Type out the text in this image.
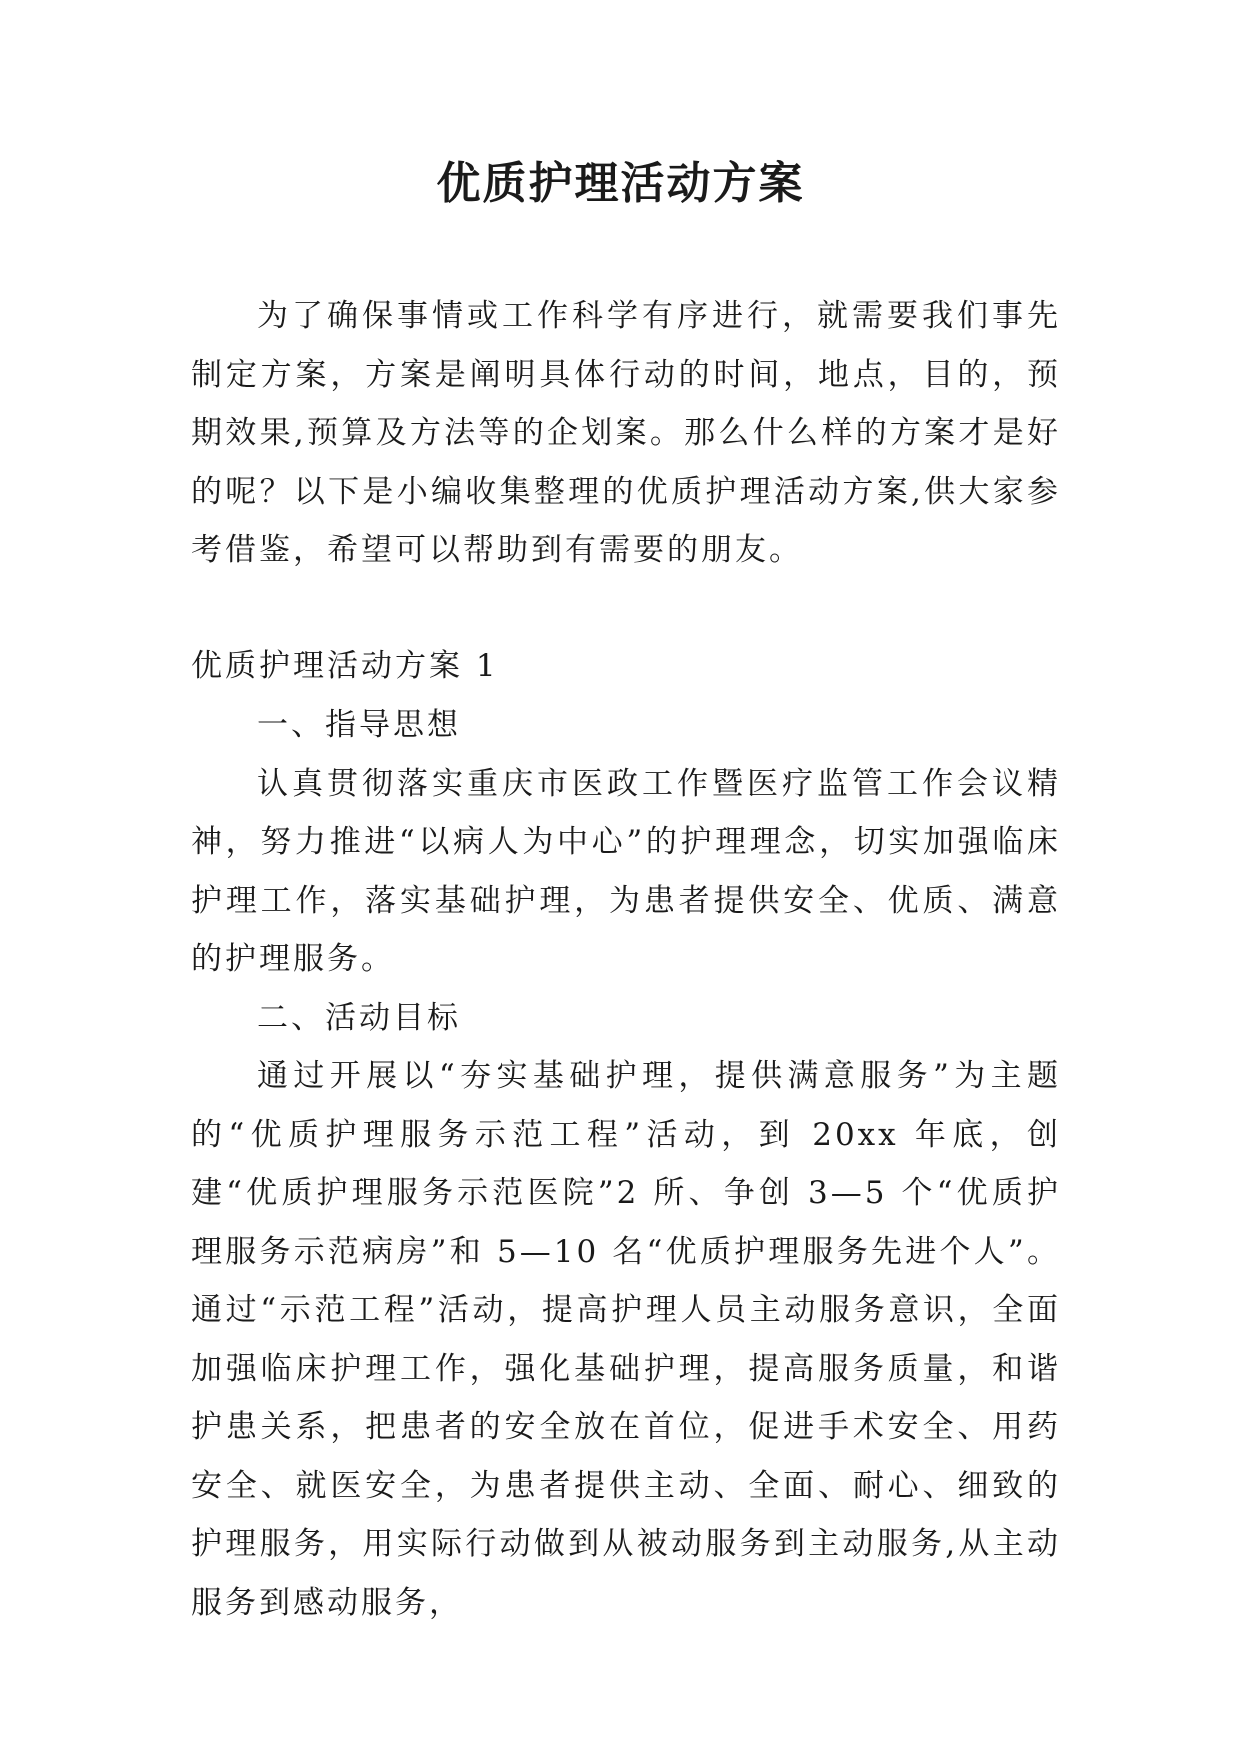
优质护理活动方案

为了确保事情或工作科学有序进行，就需要我们事先制定方案，方案是阐明具体行动的时间，地点，目的，预期效果,预算及方法等的企划案。那么什么样的方案才是好的呢？以下是小编收集整理的优质护理活动方案,供大家参考借鉴，希望可以帮助到有需要的朋友。

优质护理活动方案 1

一、指导思想

认真贯彻落实重庆市医政工作暨医疗监管工作会议精神，努力推进“以病人为中心”的护理理念，切实加强临床护理工作，落实基础护理，为患者提供安全、优质、满意的护理服务。

二、活动目标

通过开展以“夯实基础护理，提供满意服务”为主题的“优质护理服务示范工程”活动，到 20xx 年底，创建“优质护理服务示范医院”2 所、争创 3—5 个“优质护理服务示范病房”和 5—10 名“优质护理服务先进个人”。通过“示范工程”活动，提高护理人员主动服务意识，全面加强临床护理工作，强化基础护理，提高服务质量，和谐护患关系，把患者的安全放在首位，促进手术安全、用药安全、就医安全，为患者提供主动、全面、耐心、细致的护理服务，用实际行动做到从被动服务到主动服务,从主动服务到感动服务，
